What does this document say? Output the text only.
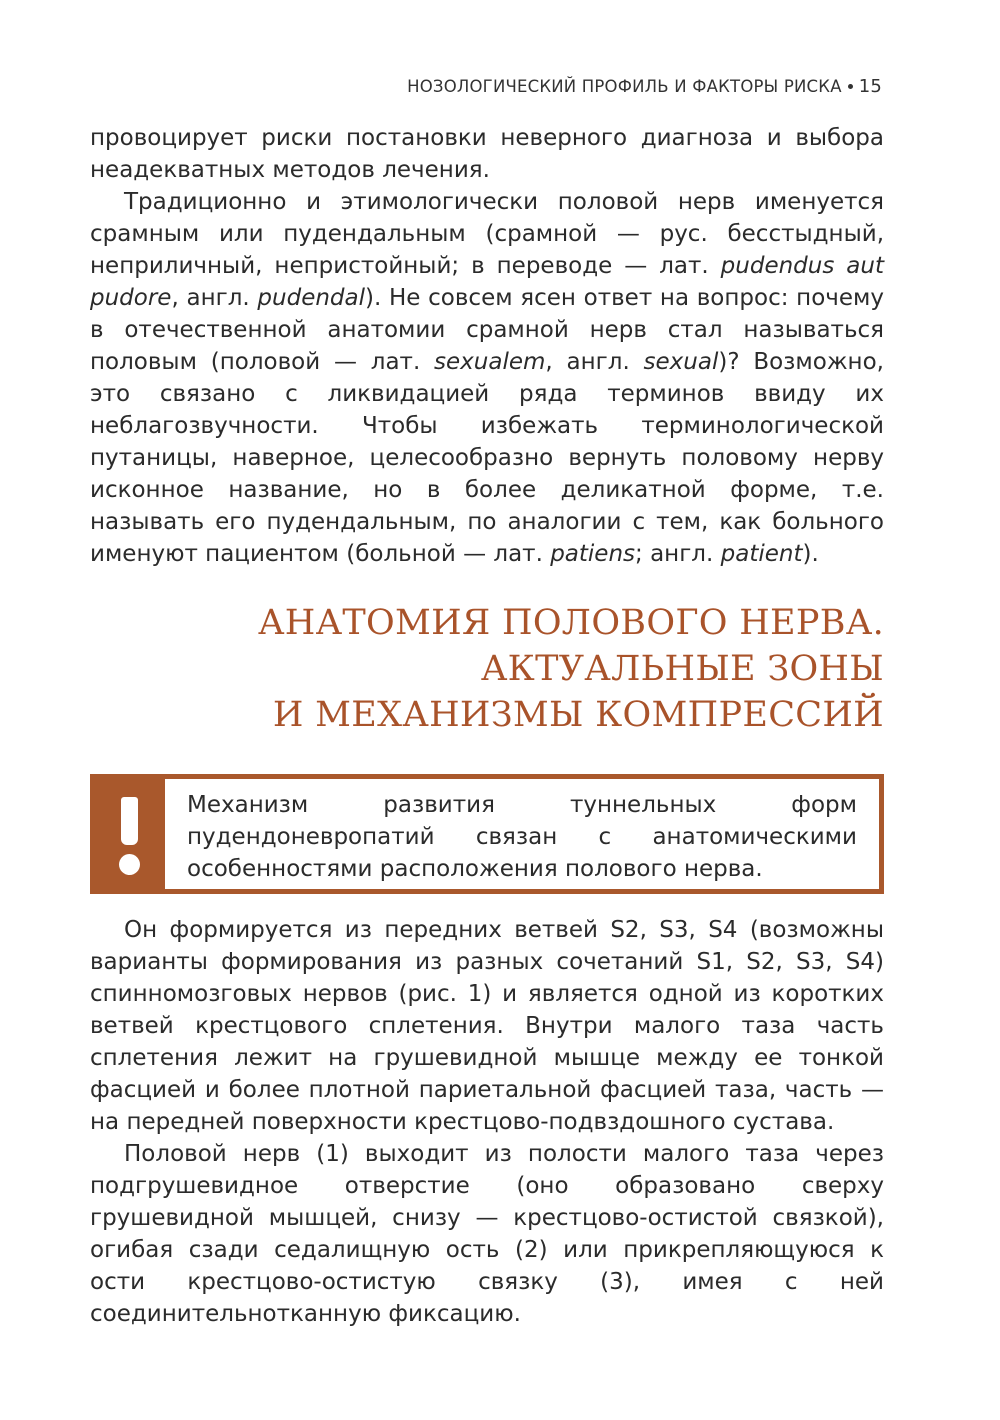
НОЗОЛОГИЧЕСКИЙ ПРОФИЛЬ И ФАКТОРЫ РИСКА 15

провоцирует риски постановки неверного диагноза и выбора неадекватных методов лечения.

Традиционно и этимологически половой нерв именуется срамным или пудендальным (срамной — рус. бесстыдный, неприличный, непристойный; в переводе — лат. pudendus aut pudore, англ. pudendal). Не совсем ясен ответ на вопрос: почему в отечественной анатомии срамной нерв стал называться половым (половой — лат. sexualem, англ. sexual)? Возможно, это связано с ликвидацией ряда терминов ввиду их неблагозвучности. Чтобы избежать терминологической путаницы, наверное, целесообразно вернуть половому нерву исконное название, но в более деликатной форме, т.е. называть его пудендальным, по аналогии с тем, как больного именуют пациентом (больной — лат. patiens; англ. patient).

АНАТОМИЯ ПОЛОВОГО НЕРВА.
АКТУАЛЬНЫЕ ЗОНЫ
И МЕХАНИЗМЫ КОМПРЕССИЙ
Механизм развития туннельных форм пудендоневропатий связан с анатомическими особенностями расположения полового нерва.

Он формируется из передних ветвей S2, S3, S4 (возможны варианты формирования из разных сочетаний S1, S2, S3, S4) спинномозговых нервов (рис. 1) и является одной из коротких ветвей крестцового сплетения. Внутри малого таза часть сплетения лежит на грушевидной мышце между ее тонкой фасцией и более плотной париетальной фасцией таза, часть — на передней поверхности крестцово-подвздошного сустава.

Половой нерв (1) выходит из полости малого таза через подгрушевидное отверстие (оно образовано сверху грушевидной мышцей, снизу — крестцово-остистой связкой), огибая сзади седалищную ость (2) или прикрепляющуюся к ости крестцово-остистую связку (3), имея с ней соединительнотканную фиксацию.
